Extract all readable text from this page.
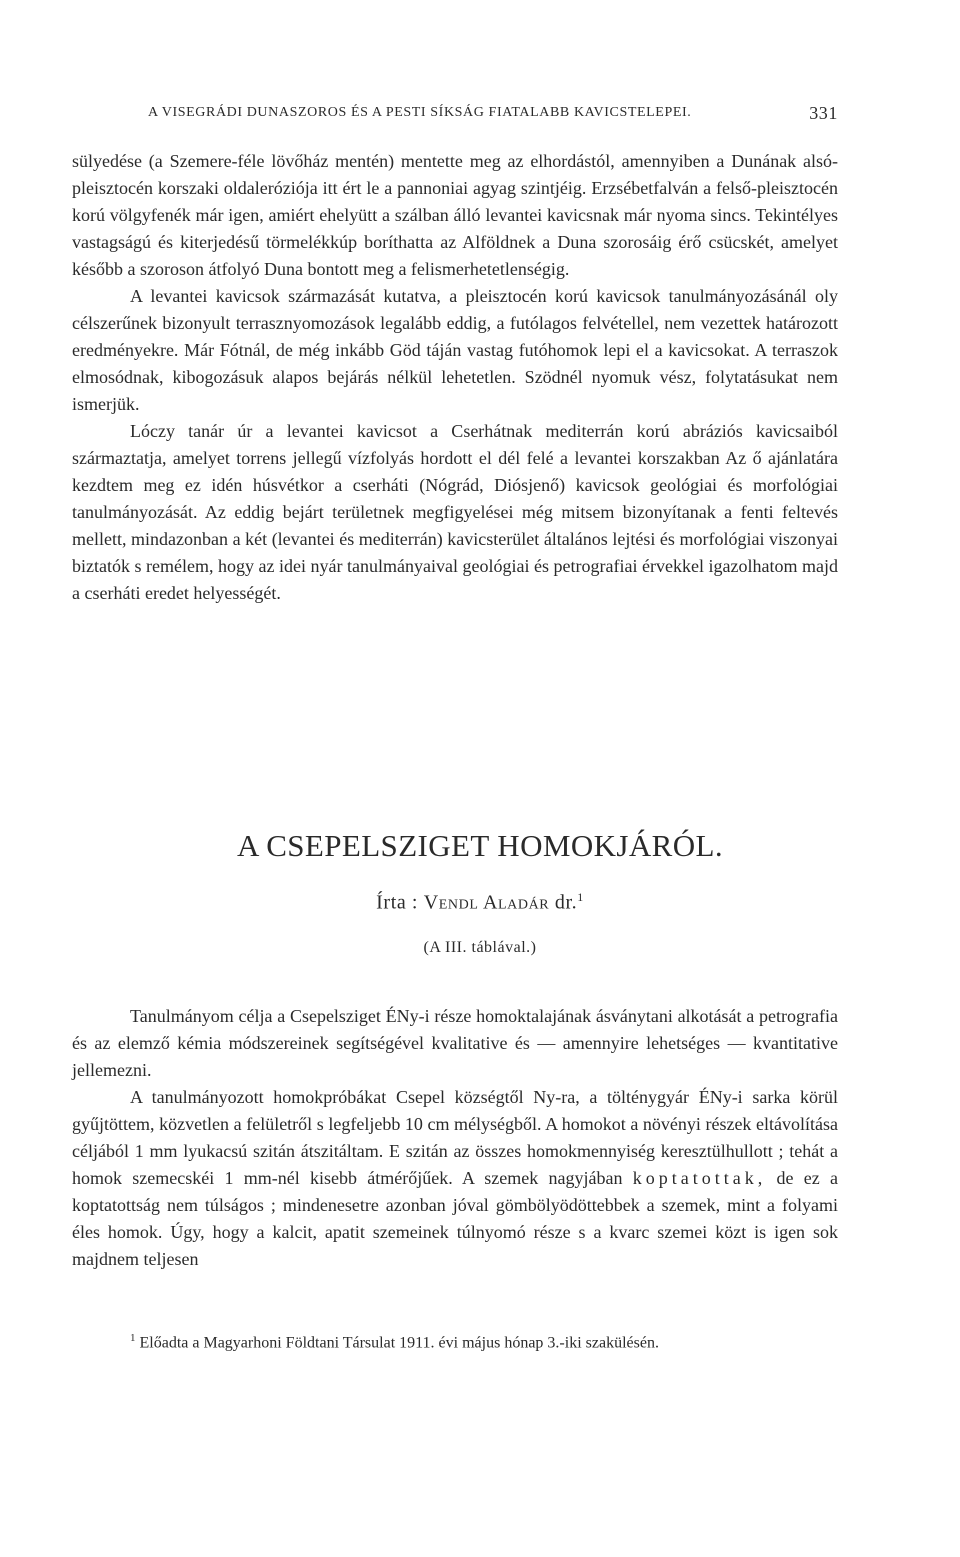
A VISEGRÁDI DUNASZOROS ÉS A PESTI SÍKSÁG FIATALABB KAVICSTELEPEI.	331

sülyedése (a Szemere-féle lövőház mentén) mentette meg az elhordástól, amennyiben a Dunának alsó-pleisztocén korszaki oldaleróziója itt ért le a pannoniai agyag szintjéig. Erzsébetfalván a felső-pleisztocén korú völgyfenék már igen, amiért ehelyütt a szálban álló levantei kavicsnak már nyoma sincs. Tekintélyes vastagságú és kiterjedésű törmelékkúp boríthatta az Alföldnek a Duna szorosáig érő csücskét, amelyet később a szoroson átfolyó Duna bontott meg a felismerhetetlenségig.

A levantei kavicsok származását kutatva, a pleisztocén korú kavicsok tanulmányozásánál oly célszerűnek bizonyult terrasznyomozások legalább eddig, a futólagos felvétellel, nem vezettek határozott eredményekre. Már Fótnál, de még inkább Göd táján vastag futóhomok lepi el a kavicsokat. A terraszok elmosódnak, kibogozásuk alapos bejárás nélkül lehetetlen. Szödnél nyomuk vész, folytatásukat nem ismerjük.

Lóczy tanár úr a levantei kavicsot a Cserhátnak mediterrán korú abráziós kavicsaiból származtatja, amelyet torrens jellegű vízfolyás hordott el dél felé a levantei korszakban Az ő ajánlatára kezdtem meg ez idén húsvétkor a cserháti (Nógrád, Diósjenő) kavicsok geológiai és morfológiai tanulmányozását. Az eddig bejárt területnek megfigyelései még mitsem bizonyítanak a fenti feltevés mellett, mindazonban a két (levantei és mediterrán) kavicsterület általános lejtési és morfológiai viszonyai biztatók s remélem, hogy az idei nyár tanulmányaival geológiai és petrografiai érvekkel igazolhatom majd a cserháti eredet helyességét.

A CSEPELSZIGET HOMOKJÁRÓL.
Írta : Vendl Aladár dr.$^1$
(A III. táblával.)

Tanulmányom célja a Csepelsziget ÉNy-i része homoktalajának ásványtani alkotását a petrografia és az elemző kémia módszereinek segítségével kvalitative és — amennyire lehetséges — kvantitative jellemezni.

A tanulmányozott homokpróbákat Csepel községtől Ny-ra, a tölténygyár ÉNy-i sarka körül gyűjtöttem, közvetlen a felületről s legfeljebb 10 cm mélységből. A homokot a növényi részek eltávolítása céljából 1 mm lyukacsú szitán átszitáltam. E szitán az összes homokmennyiség keresztülhullott ; tehát a homok szemecskéi 1 mm-nél kisebb átmérőjűek. A szemek nagyjában koptatottak, de ez a koptatottság nem túlságos ; mindenesetre azonban jóval gömbölyödöttebbek a szemek, mint a folyami éles homok. Úgy, hogy a kalcit, apatit szemeinek túlnyomó része s a kvarc szemei közt is igen sok majdnem teljesen

$^1$ Előadta a Magyarhoni Földtani Társulat 1911. évi május hónap 3.-iki szakülésén.
